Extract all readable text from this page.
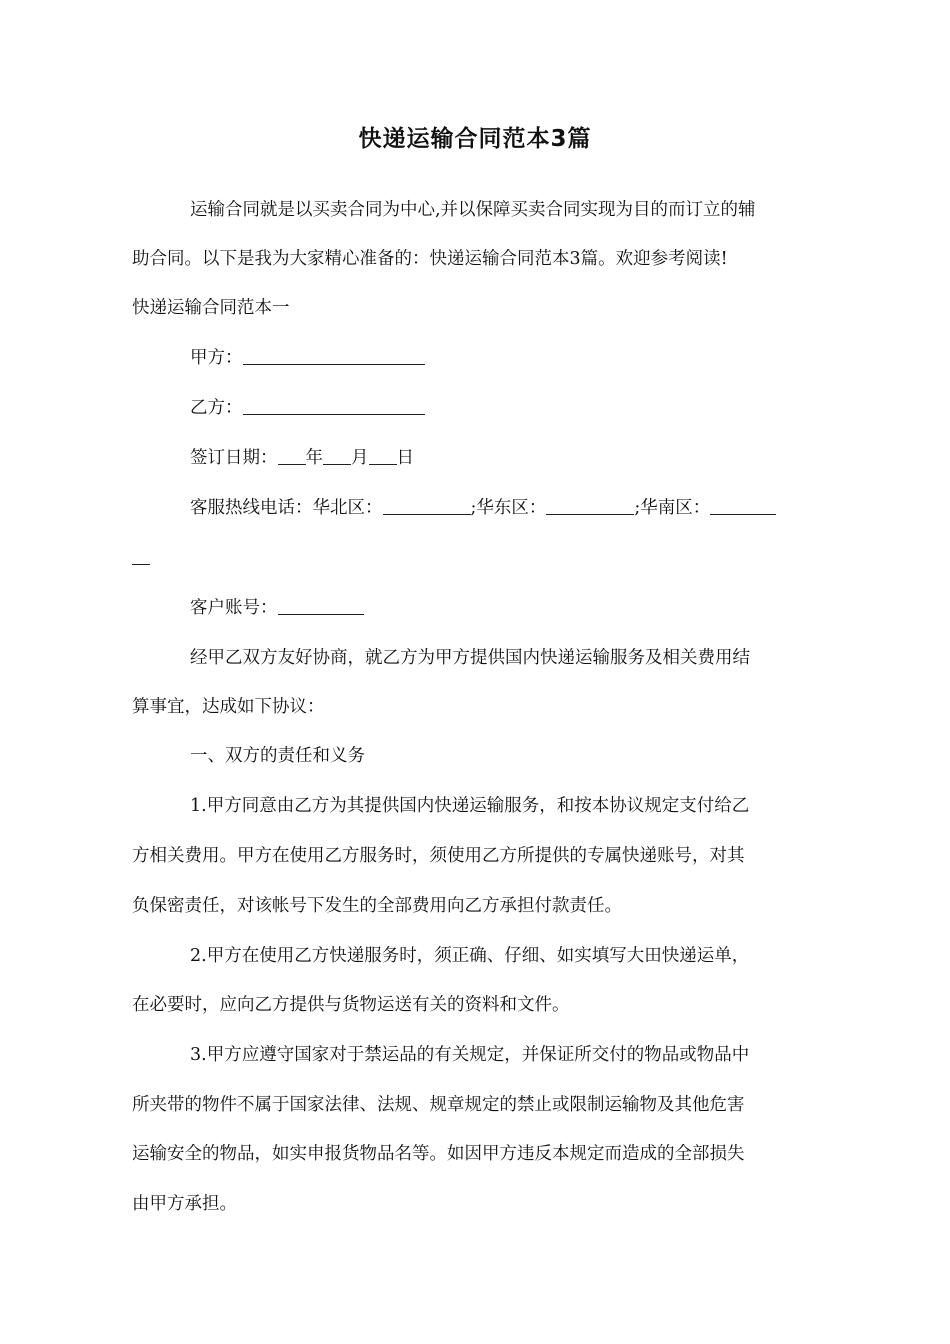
快递运输合同范本3篇

运输合同就是以买卖合同为中心,并以保障买卖合同实现为目的而订立的辅

助合同。以下是我为大家精心准备的：快递运输合同范本3篇。欢迎参考阅读!

快递运输合同范本一

甲方：

乙方：

签订日期： 年 月 日

客服热线电话：华北区：	;华东区：	;华南区：

客户账号：

经甲乙双方友好协商，就乙方为甲方提供国内快递运输服务及相关费用结

算事宜，达成如下协议：

一、双方的责任和义务

1.甲方同意由乙方为其提供国内快递运输服务，和按本协议规定支付给乙

方相关费用。甲方在使用乙方服务时，须使用乙方所提供的专属快递账号，对其

负保密责任，对该帐号下发生的全部费用向乙方承担付款责任。

2.甲方在使用乙方快递服务时，须正确、仔细、如实填写大田快递运单，

在必要时，应向乙方提供与货物运送有关的资料和文件。

3.甲方应遵守国家对于禁运品的有关规定，并保证所交付的物品或物品中

所夹带的物件不属于国家法律、法规、规章规定的禁止或限制运输物及其他危害

运输安全的物品，如实申报货物品名等。如因甲方违反本规定而造成的全部损失

由甲方承担。
